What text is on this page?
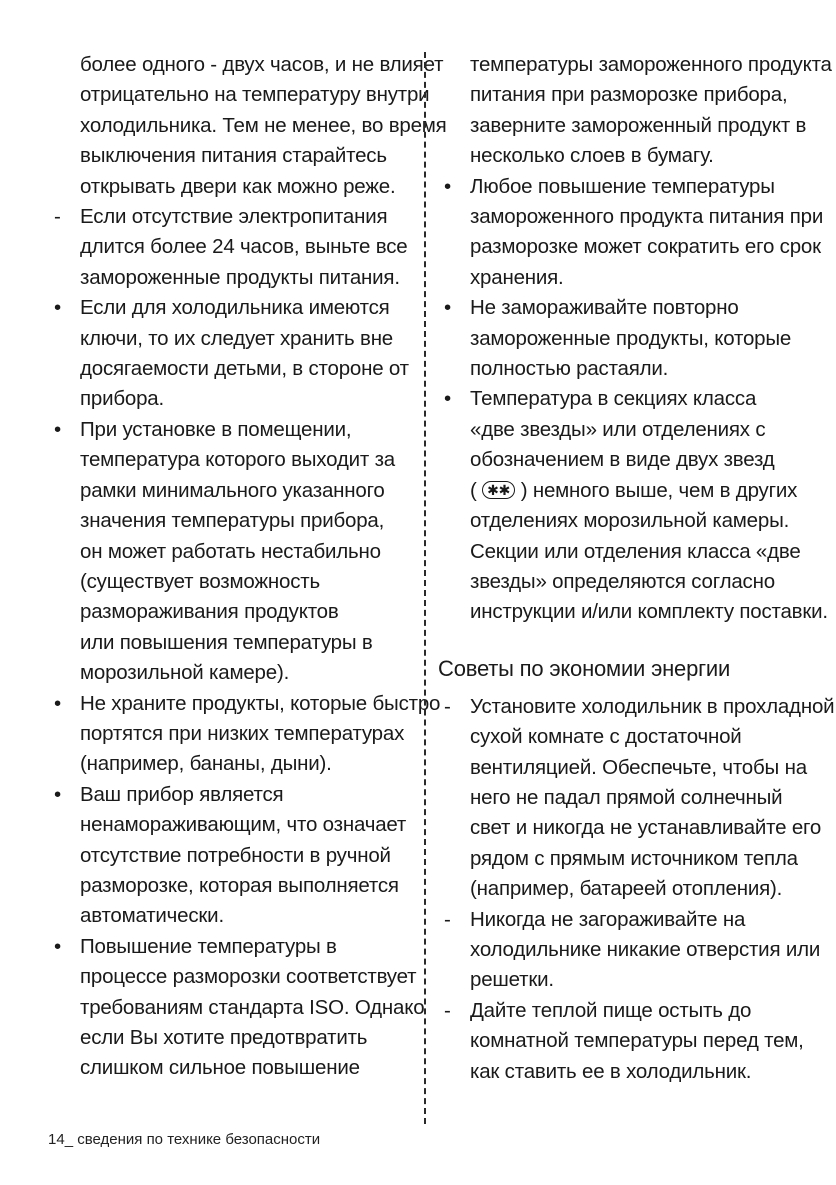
более одного - двух часов, и не влияет
отрицательно на температуру внутри
холодильника. Тем не менее, во время
выключения питания старайтесь
открывать двери как можно реже.
- Если отсутствие электропитания
длится более 24 часов, выньте все
замороженные продукты питания.
• Если для холодильника имеются
ключи, то их следует хранить вне
досягаемости детьми, в стороне от
прибора.
• При установке в помещении,
температура которого выходит за
рамки минимального указанного
значения температуры прибора,
он может работать нестабильно
(существует возможность
размораживания продуктов
или повышения температуры в
морозильной камере).
• Не храните продукты, которые быстро
портятся при низких температурах
(например, бананы, дыни).
• Ваш прибор является
ненамораживающим, что означает
отсутствие потребности в ручной
разморозке, которая выполняется
автоматически.
• Повышение температуры в
процессе разморозки соответствует
требованиям стандарта ISO. Однако
если Вы хотите предотвратить
слишком сильное повышение
температуры замороженного продукта
питания при разморозке прибора,
заверните замороженный продукт в
несколько слоев в бумагу.
• Любое повышение температуры
замороженного продукта питания при
разморозке может сократить его срок
хранения.
• Не замораживайте повторно
замороженные продукты, которые
полностью растаяли.
• Температура в секциях класса
«две звезды» или отделениях с
обозначением в виде двух звезд
( ✱✱ ) немного выше, чем в других
отделениях морозильной камеры.
Секции или отделения класса «две
звезды» определяются согласно
инструкции и/или комплекту поставки.
Советы по экономии энергии
- Установите холодильник в прохладной
сухой комнате с достаточной
вентиляцией. Обеспечьте, чтобы на
него не падал прямой солнечный
свет и никогда не устанавливайте его
рядом с прямым источником тепла
(например, батареей отопления).
- Никогда не загораживайте на
холодильнике никакие отверстия или
решетки.
- Дайте теплой пище остыть до
комнатной температуры перед тем,
как ставить ее в холодильник.
14_ сведения по технике безопасности
